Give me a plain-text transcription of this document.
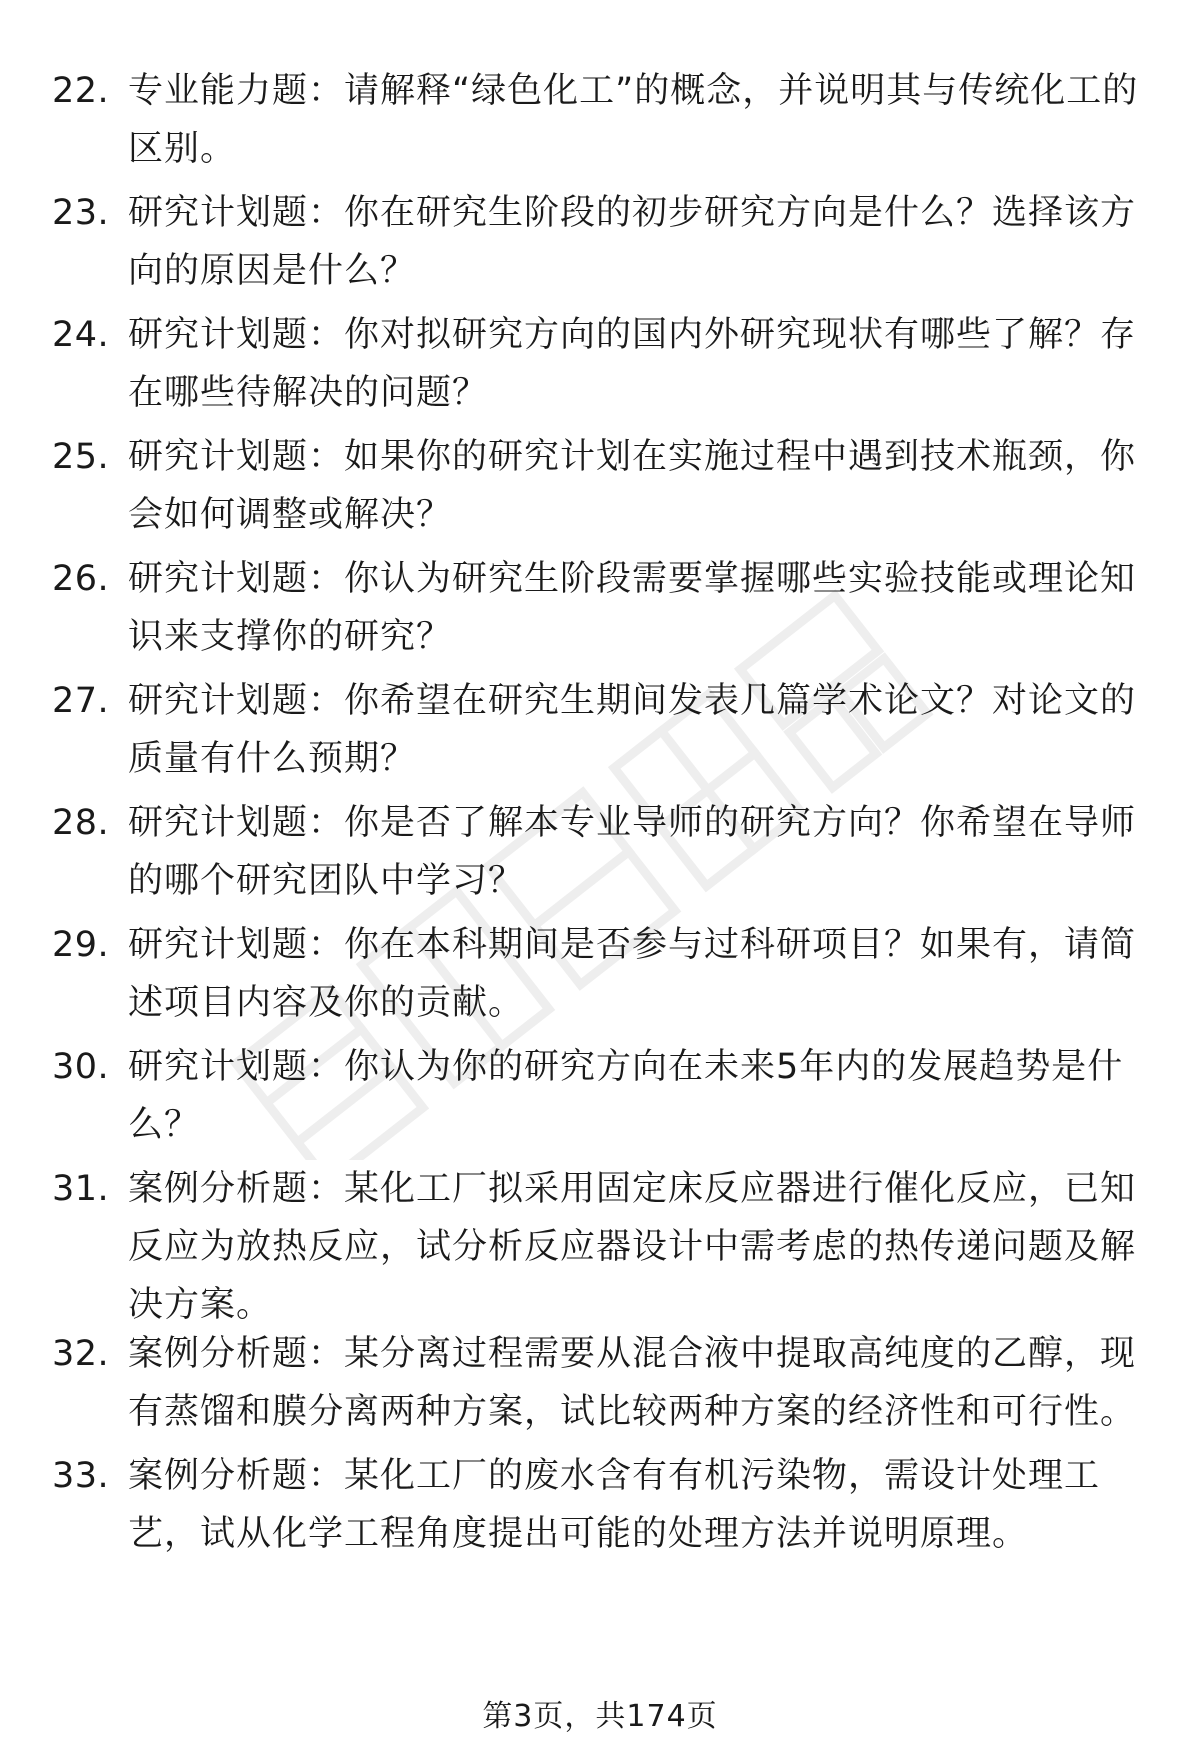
22. 专业能力题：请解释“绿色化工”的概念，并说明其与传统化工的区别。
23. 研究计划题：你在研究生阶段的初步研究方向是什么？选择该方向的原因是什么？
24. 研究计划题：你对拟研究方向的国内外研究现状有哪些了解？存在哪些待解决的问题？
25. 研究计划题：如果你的研究计划在实施过程中遇到技术瓶颈，你会如何调整或解决？
26. 研究计划题：你认为研究生阶段需要掌握哪些实验技能或理论知识来支撑你的研究？
27. 研究计划题：你希望在研究生期间发表几篇学术论文？对论文的质量有什么预期？
28. 研究计划题：你是否了解本专业导师的研究方向？你希望在导师的哪个研究团队中学习？
29. 研究计划题：你在本科期间是否参与过科研项目？如果有，请简述项目内容及你的贡献。
30. 研究计划题：你认为你的研究方向在未来5年内的发展趋势是什么？
31. 案例分析题：某化工厂拟采用固定床反应器进行催化反应，已知反应为放热反应，试分析反应器设计中需考虑的热传递问题及解决方案。
32. 案例分析题：某分离过程需要从混合液中提取高纯度的乙醇，现有蒸馏和膜分离两种方案，试比较两种方案的经济性和可行性。
33. 案例分析题：某化工厂的废水含有有机污染物，需设计处理工艺，试从化学工程角度提出可能的处理方法并说明原理。
第3页，共174页
